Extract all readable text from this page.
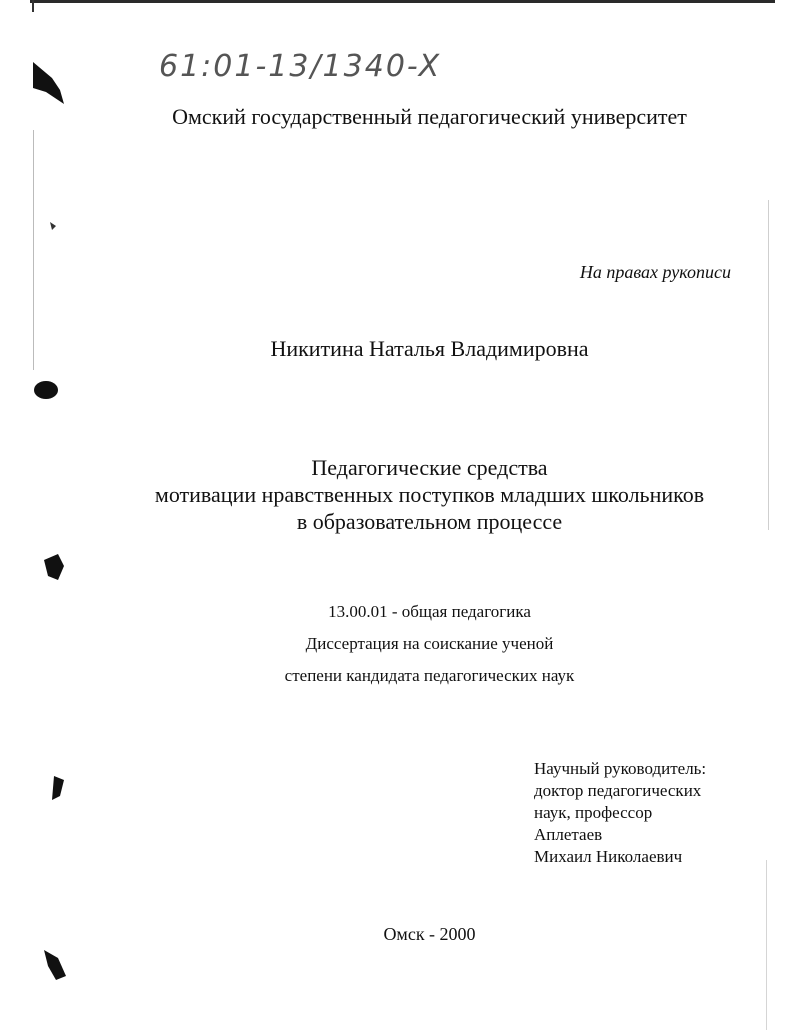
61:01-13/1340-X
Омский государственный педагогический университет
На правах рукописи
Никитина Наталья Владимировна
Педагогические средства
мотивации нравственных поступков младших школьников
в образовательном процессе
13.00.01 - общая педагогика
Диссертация на соискание ученой
степени кандидата педагогических наук
Научный руководитель:
доктор педагогических
наук, профессор
Аплетаев
Михаил Николаевич
Омск - 2000
